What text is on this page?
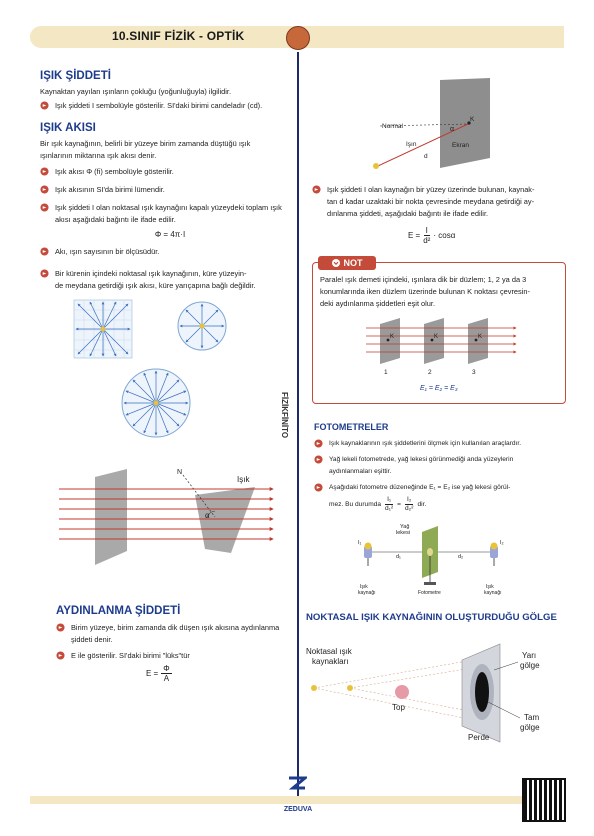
10.SINIF FİZİK - OPTİK
FİZİKFİNİTO
IŞIK ŞİDDETİ
Kaynaktan yayılan ışınların çokluğu (yoğunluğuyla) ilgilidir.
Işık şiddeti I sembolüyle gösterilir. SI'daki birimi candeladır (cd).
IŞIK AKISI
Bir ışık kaynağının, belirli bir yüzeye birim zamanda düştüğü ışık
ışınlarının miktarına ışık akısı denir.
Işık akısı Φ (fi) sembolüyle gösterilir.
Işık akısının SI'da birimi lümendir.
Işık şiddeti I olan noktasal ışık kaynağını kapalı yüzeydeki toplam ışık
akısı aşağıdaki bağıntı ile ifade edilir.
Φ = 4π·I
Akı, ışın sayısının bir ölçüsüdür.
Bir kürenin içindeki noktasal ışık kaynağının, küre yüzeyin-
de meydana getirdiği ışık akısı, küre yarıçapına bağlı değildir.
N
Işık
α
AYDINLANMA ŞİDDETİ
Birim yüzeye, birim zamanda dik düşen ışık akısına aydınlanma
şiddeti denir.
E ile gösterilir. SI'daki birimi "lüks"tür
$E = \frac{\Phi}{A}$
Normal
Işın
K
d
α
Ekran
Işık şiddeti I olan kaynağın bir yüzey üzerinde bulunan, kaynak-
tan d kadar uzaktaki bir nokta çevresinde meydana getirdiği ay-
dınlanma şiddeti, aşağıdaki bağıntı ile ifade edilir.
$E = \frac{I}{\text{d²}} \cdot \cos\alpha$
NOT
Paralel ışık demeti içindeki, ışınlara dik bir düzlem; 1, 2 ya da 3
konumlarında iken düzlem üzerinde bulunan K noktası çevresin-
deki aydınlanma şiddetleri eşit olur.
K	K	K
1	2	3
E₁ = E₂ = E₃
FOTOMETRELER
Işık kaynaklarının ışık şiddetlerini ölçmek için kullanılan araçlardır.
Yağ lekeli fotometrede, yağ lekesi görünmediği anda yüzeylerin
aydınlanmaları eşittir.
Aşağıdaki fotometre düzeneğinde E₁ = E₂ ise yağ lekesi görül-
mez. Bu durumda $\frac{\text{I₁}}{\text{d₁²}} = \frac{\text{I₂}}{\text{d₂²}}$ dir.
Yağ
lekesi
I₁	I₂
d₁	d₂
Işık
kaynağı
Işık
kaynağı
Fotometre
NOKTASAL IŞIK KAYNAĞININ OLUŞTURDUĞU GÖLGE
Noktasal ışık
kaynakları
Top
Perde
Yarı
gölge
Tam
gölge
ZEDUVA
